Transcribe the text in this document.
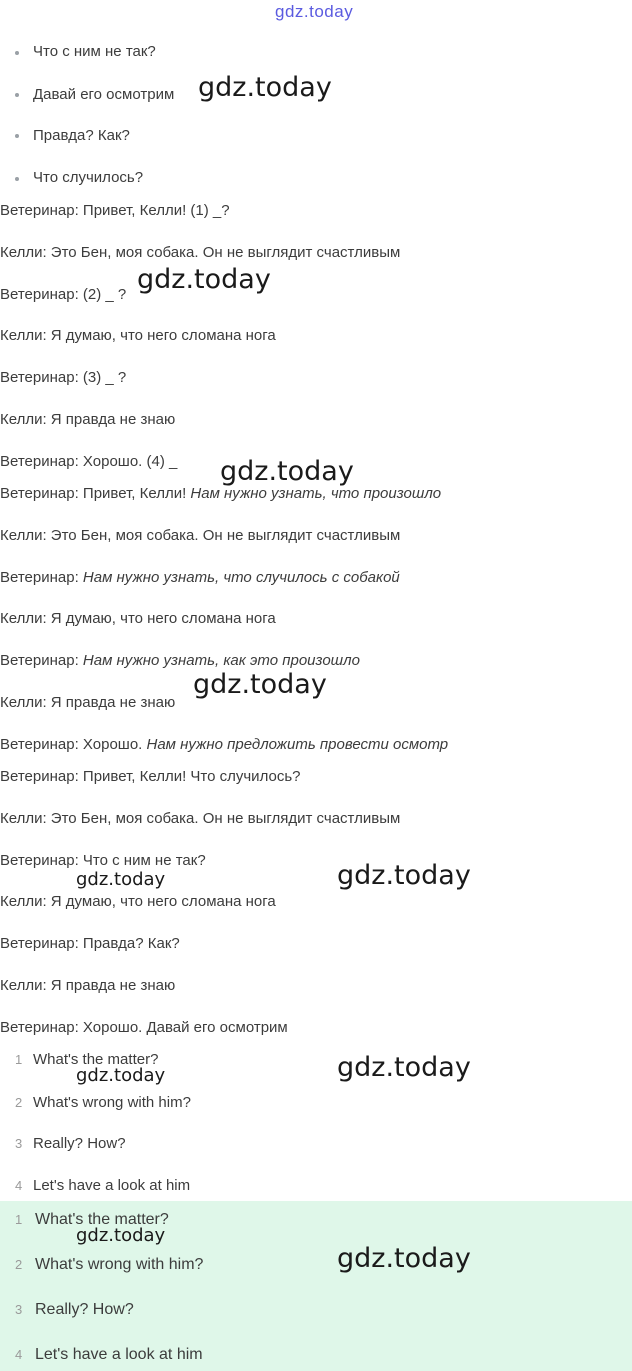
gdz.today
Что с ним не так?
Давай его осмотрим
Правда? Как?
Что случилось?
Ветеринар: Привет, Келли! (1) _?
Келли: Это Бен, моя собака. Он не выглядит счастливым
Ветеринар: (2) _ ?
Келли: Я думаю, что него сломана нога
Ветеринар: (3) _ ?
Келли: Я правда не знаю
Ветеринар: Хорошо. (4) _
Ветеринар: Привет, Келли! Нам нужно узнать, что произошло
Келли: Это Бен, моя собака. Он не выглядит счастливым
Ветеринар: Нам нужно узнать, что случилось с собакой
Келли: Я думаю, что него сломана нога
Ветеринар: Нам нужно узнать, как это произошло
Келли: Я правда не знаю
Ветеринар: Хорошо. Нам нужно предложить провести осмотр
Ветеринар: Привет, Келли! Что случилось?
Келли: Это Бен, моя собака. Он не выглядит счастливым
Ветеринар: Что с ним не так?
Келли: Я думаю, что него сломана нога
Ветеринар: Правда? Как?
Келли: Я правда не знаю
Ветеринар: Хорошо. Давай его осмотрим
1 What's the matter?
2 What's wrong with him?
3 Really? How?
4 Let's have a look at him
1 What's the matter?
2 What's wrong with him?
3 Really? How?
4 Let's have a look at him
gdz.today
gdz.today
gdz.today
gdz.today
gdz.today	gdz.today
gdz.today	gdz.today
gdz.today
gdz.today
